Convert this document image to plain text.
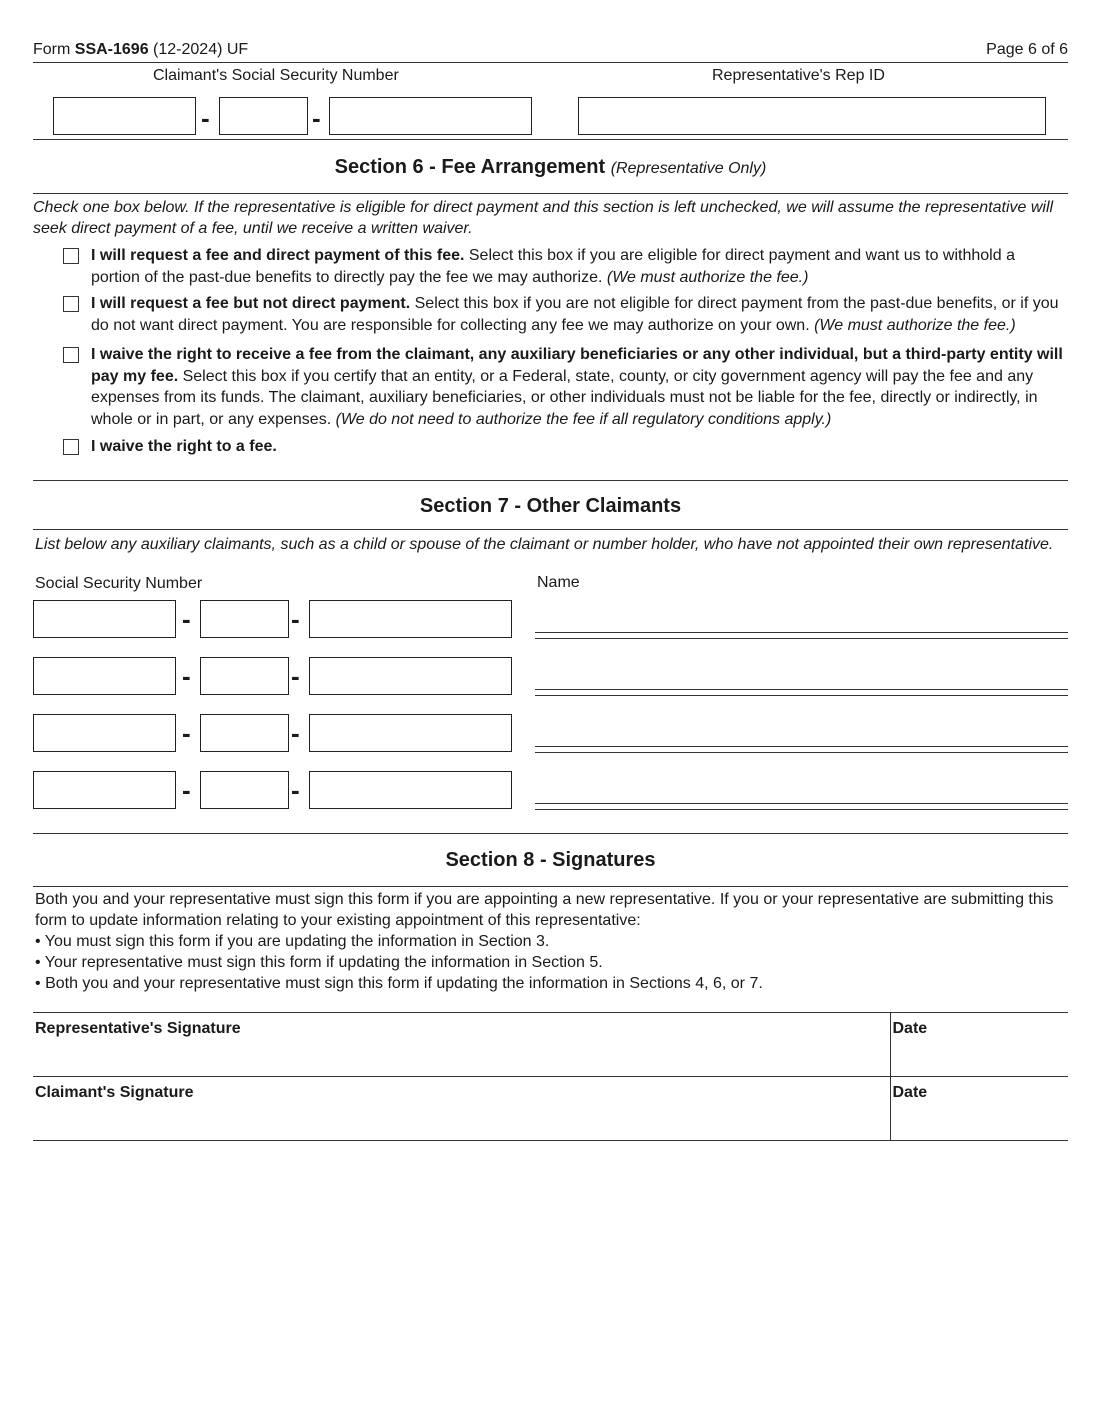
Form SSA-1696 (12-2024) UF	Page 6 of 6
Claimant's Social Security Number	Representative's Rep ID
-	-
Section 6 - Fee Arrangement (Representative Only)
Check one box below. If the representative is eligible for direct payment and this section is left unchecked, we will assume the representative will seek direct payment of a fee, until we receive a written waiver.
I will request a fee and direct payment of this fee. Select this box if you are eligible for direct payment and want us to withhold a portion of the past-due benefits to directly pay the fee we may authorize. (We must authorize the fee.)
I will request a fee but not direct payment. Select this box if you are not eligible for direct payment from the past-due benefits, or if you do not want direct payment. You are responsible for collecting any fee we may authorize on your own. (We must authorize the fee.)
I waive the right to receive a fee from the claimant, any auxiliary beneficiaries or any other individual, but a third-party entity will pay my fee. Select this box if you certify that an entity, or a Federal, state, county, or city government agency will pay the fee and any expenses from its funds. The claimant, auxiliary beneficiaries, or other individuals must not be liable for the fee, directly or indirectly, in whole or in part, or any expenses. (We do not need to authorize the fee if all regulatory conditions apply.)
I waive the right to a fee.
Section 7 - Other Claimants
List below any auxiliary claimants, such as a child or spouse of the claimant or number holder, who have not appointed their own representative.
Social Security Number	Name
-	-
-	-
-	-
-	-
Section 8 - Signatures
Both you and your representative must sign this form if you are appointing a new representative. If you or your representative are submitting this form to update information relating to your existing appointment of this representative:
• You must sign this form if you are updating the information in Section 3.
• Your representative must sign this form if updating the information in Section 5.
• Both you and your representative must sign this form if updating the information in Sections 4, 6, or 7.
Representative's Signature	Date
Claimant's Signature	Date
